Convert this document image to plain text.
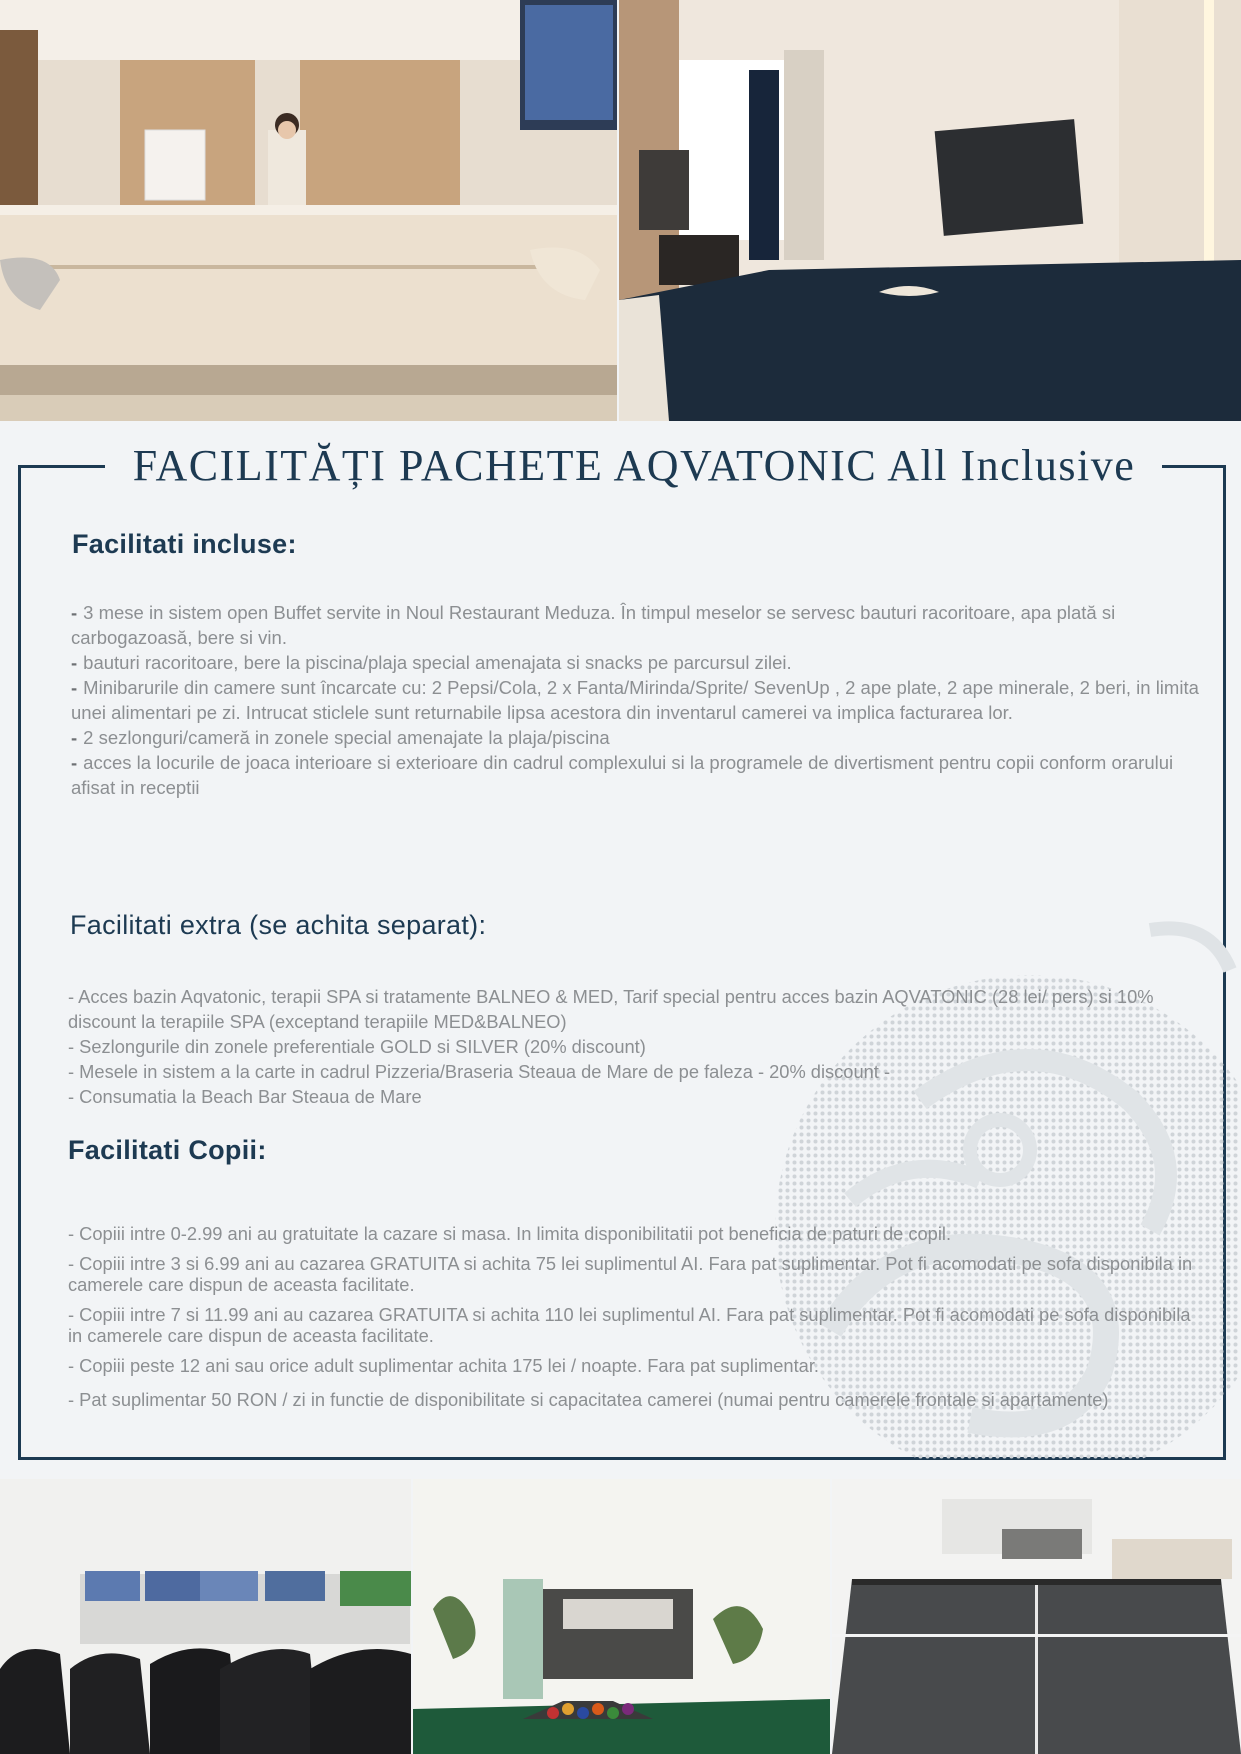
FACILITĂȚI PACHETE AQVATONIC All Inclusive
Facilitati incluse:

- 3 mese in sistem open Buffet servite in Noul Restaurant Meduza. În timpul meselor se servesc bauturi racoritoare, apa plată si carbogazoasă, bere si vin.

- bauturi racoritoare, bere la piscina/plaja special amenajata si snacks pe parcursul zilei.

- Minibarurile din camere sunt încarcate cu: 2 Pepsi/Cola, 2 x Fanta/Mirinda/Sprite/ SevenUp , 2 ape plate, 2 ape minerale, 2 beri, in limita unei alimentari pe zi. Intrucat sticlele sunt returnabile lipsa acestora din inventarul camerei va implica facturarea lor.

- 2 sezlonguri/cameră in zonele special amenajate la plaja/piscina

- acces la locurile de joaca interioare si exterioare din cadrul complexului si la programele de divertisment pentru copii conform orarului afisat in receptii

Facilitati extra (se achita separat):

- Acces bazin Aqvatonic, terapii SPA si tratamente BALNEO & MED, Tarif special pentru acces bazin AQVATONIC (28 lei/ pers) si 10% discount la terapiile SPA (exceptand terapiile MED&BALNEO)

- Sezlongurile din zonele preferentiale GOLD si SILVER (20% discount)

- Mesele in sistem a la carte in cadrul Pizzeria/Braseria Steaua de Mare de pe faleza - 20% discount -

- Consumatia la Beach Bar Steaua de Mare

Facilitati Copii:

- Copiii intre 0-2.99 ani au gratuitate la cazare si masa. In limita disponibilitatii pot beneficia de paturi de copil.

- Copiii intre 3 si 6.99 ani au cazarea GRATUITA si achita 75 lei suplimentul AI. Fara pat suplimentar. Pot fi acomodati pe sofa disponibila in camerele care dispun de aceasta facilitate.

- Copiii intre 7 si 11.99 ani au cazarea GRATUITA si achita 110 lei suplimentul AI. Fara pat suplimentar. Pot fi acomodati pe sofa disponibila in camerele care dispun de aceasta facilitate.

- Copiii peste 12 ani sau orice adult suplimentar achita 175 lei / noapte. Fara pat suplimentar.

- Pat suplimentar 50 RON / zi in functie de disponibilitate si capacitatea camerei (numai pentru camerele frontale si apartamente)
